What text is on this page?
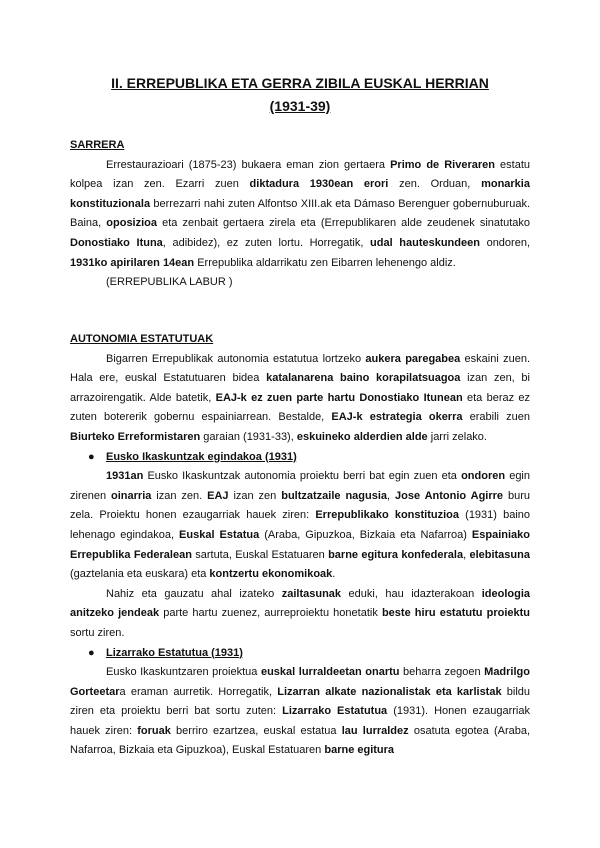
II. ERREPUBLIKA ETA GERRA ZIBILA EUSKAL HERRIAN
(1931-39)
SARRERA

Errestaurazioari (1875-23) bukaera eman zion gertaera Primo de Riveraren estatu kolpea izan zen. Ezarri zuen diktadura 1930ean erori zen. Orduan, monarkia konstituzionala berrezarri nahi zuten Alfontso XIII.ak eta Dámaso Berenguer gobernuburuak. Baina, oposizioa eta zenbait gertaera zirela eta (Errepublikaren alde zeudenek sinatutako Donostiako Ituna, adibidez), ez zuten lortu. Horregatik, udal hauteskundeen ondoren, 1931ko apirilaren 14ean Errepublika aldarrikatu zen Eibarren lehenengo aldiz.

(ERREPUBLIKA LABUR )

AUTONOMIA ESTATUTUAK

Bigarren Errepublikak autonomia estatutua lortzeko aukera paregabea eskaini zuen. Hala ere, euskal Estatutuaren bidea katalanarena baino korapilatsuagoa izan zen, bi arrazoirengatik. Alde batetik, EAJ-k ez zuen parte hartu Donostiako Itunean eta beraz ez zuten botererik gobernu espainiarrean. Bestalde, EAJ-k estrategia okerra erabili zuen Biurteko Erreformistaren garaian (1931-33), eskuineko alderdien alde jarri zelako.

● Eusko Ikaskuntzak egindakoa (1931)

1931an Eusko Ikaskuntzak autonomia proiektu berri bat egin zuen eta ondoren egin zirenen oinarria izan zen. EAJ izan zen bultzatzaile nagusia, Jose Antonio Agirre buru zela. Proiektu honen ezaugarriak hauek ziren: Errepublikako konstituzioa (1931) baino lehenago egindakoa, Euskal Estatua (Araba, Gipuzkoa, Bizkaia eta Nafarroa) Espainiako Errepublika Federalean sartuta, Euskal Estatuaren barne egitura konfederala, elebitasuna (gaztelania eta euskara) eta kontzertu ekonomikoak.

Nahiz eta gauzatu ahal izateko zailtasunak eduki, hau idazterakoan ideologia anitzeko jendeak parte hartu zuenez, aurreproiektu honetatik beste hiru estatutu proiektu sortu ziren.

● Lizarrako Estatutua (1931)

Eusko Ikaskuntzaren proiektua euskal lurraldeetan onartu beharra zegoen Madrilgo Gorteetara eraman aurretik. Horregatik, Lizarran alkate nazionalistak eta karlistak bildu ziren eta proiektu berri bat sortu zuten: Lizarrako Estatutua (1931). Honen ezaugarriak hauek ziren: foruak berriro ezartzea, euskal estatua lau lurraldez osatuta egotea (Araba, Nafarroa, Bizkaia eta Gipuzkoa), Euskal Estatuaren barne egitura
